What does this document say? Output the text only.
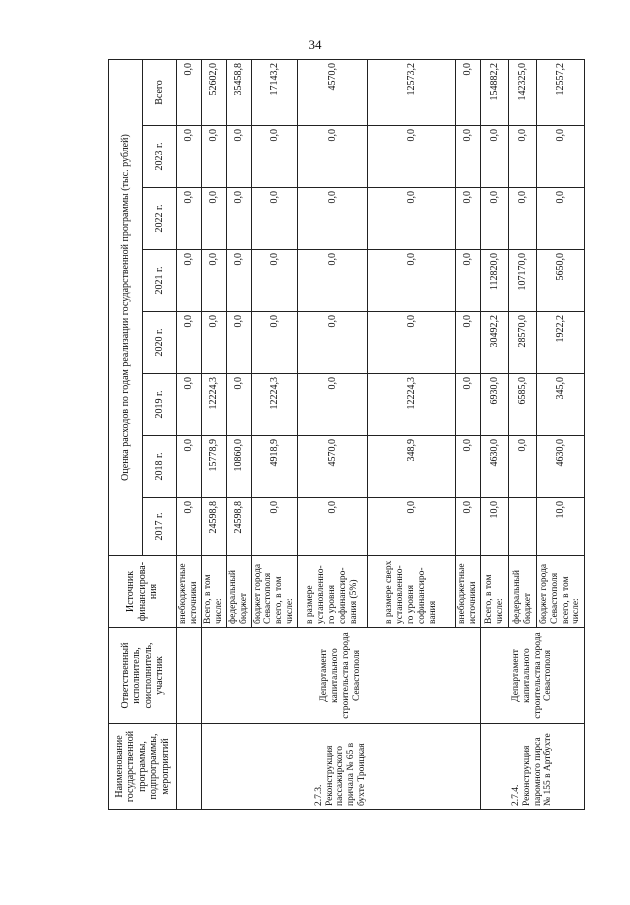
34
Наименование государственной программы, подпрограммы, мероприятий	Ответственный исполнитель, соисполнитель, участник	Источник финансирова-ния	Оценка расходов по годам реализации государственной программы (тыс. рублей)							
			2017 г.	2018 г.	2019 г.	2020 г.	2021 г.	2022 г.	2023 г.	Всего
		внебюджетные источники	0,0	0,0	0,0	0,0	0,0	0,0	0,0	0,0
2.7.3. Реконструкция пассажирского причала № 65 в бухте Троицкая	Департамент капитального строительства города Севастополя	Всего, в том числе:	24598,8	15778,9	12224,3	0,0	0,0	0,0	0,0	52602,0
		федеральный бюджет	24598,8	10860,0	0,0	0,0	0,0	0,0	0,0	35458,8
		бюджет города Севастополя всего, в том числе:	0,0	4918,9	12224,3	0,0	0,0	0,0	0,0	17143,2
		в размере установленно-го уровня софинансиро-вания (5%)	0,0	4570,0	0,0	0,0	0,0	0,0	0,0	4570,0
		в размере сверх установленно-го уровня софинансиро-вания	0,0	348,9	12224,3	0,0	0,0	0,0	0,0	12573,2
		внебюджетные источники	0,0	0,0	0,0	0,0	0,0	0,0	0,0	0,0
2.7.4. Реконструкция паромного пирса № 155 в Артбухте	Департамент капитального строительства города Севастополя	Всего, в том числе:	10,0	4630,0	6930,0	30492,2	112820,0	0,0	0,0	154882,2
		федеральный бюджет		0,0	6585,0	28570,0	107170,0	0,0	0,0	142325,0
		бюджет города Севастополя всего, в том числе:	10,0	4630,0	345,0	1922,2	5650,0	0,0	0,0	12557,2
